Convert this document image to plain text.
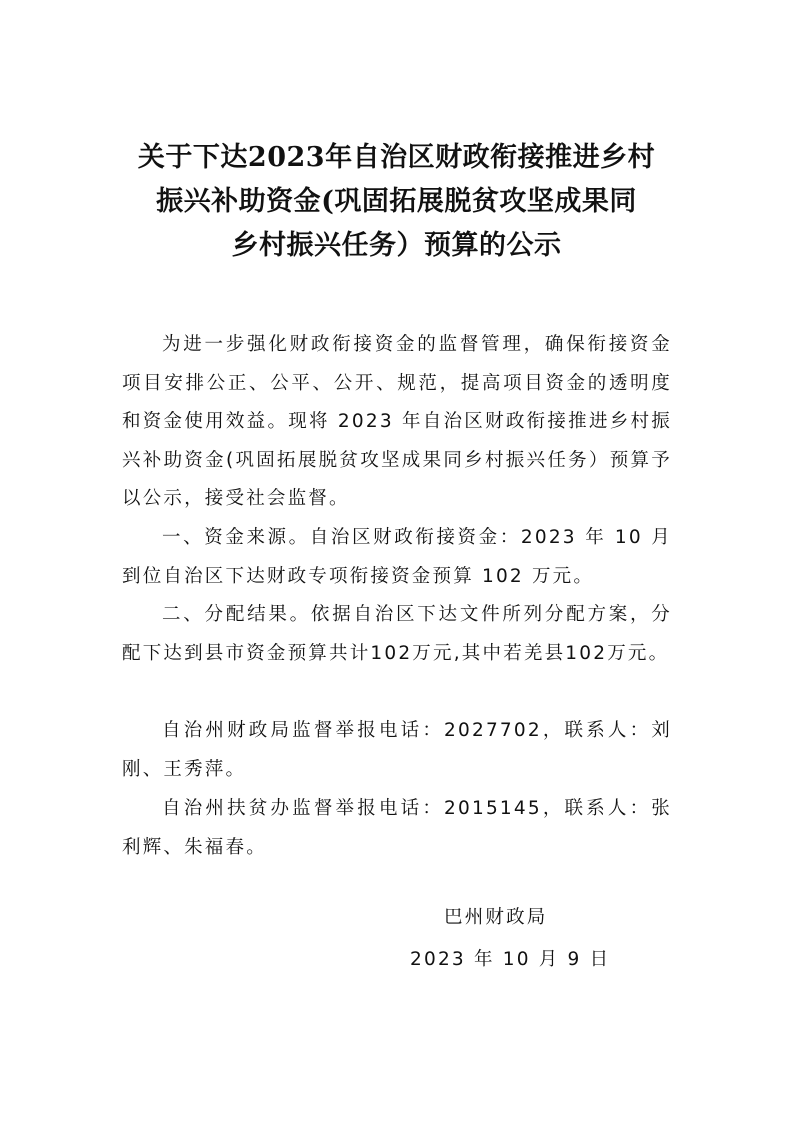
关于下达2023年自治区财政衔接推进乡村
振兴补助资金(巩固拓展脱贫攻坚成果同
乡村振兴任务）预算的公示

为进一步强化财政衔接资金的监督管理，确保衔接资金项目安排公正、公平、公开、规范，提高项目资金的透明度和资金使用效益。现将 2023 年自治区财政衔接推进乡村振兴补助资金(巩固拓展脱贫攻坚成果同乡村振兴任务）预算予以公示，接受社会监督。

一、资金来源。自治区财政衔接资金：2023 年 10 月到位自治区下达财政专项衔接资金预算 102 万元。

二、分配结果。依据自治区下达文件所列分配方案，分配下达到县市资金预算共计102万元,其中若羌县102万元。

自治州财政局监督举报电话：2027702，联系人：刘刚、王秀萍。

自治州扶贫办监督举报电话：2015145，联系人：张利辉、朱福春。

巴州财政局
2023 年 10 月 9 日
